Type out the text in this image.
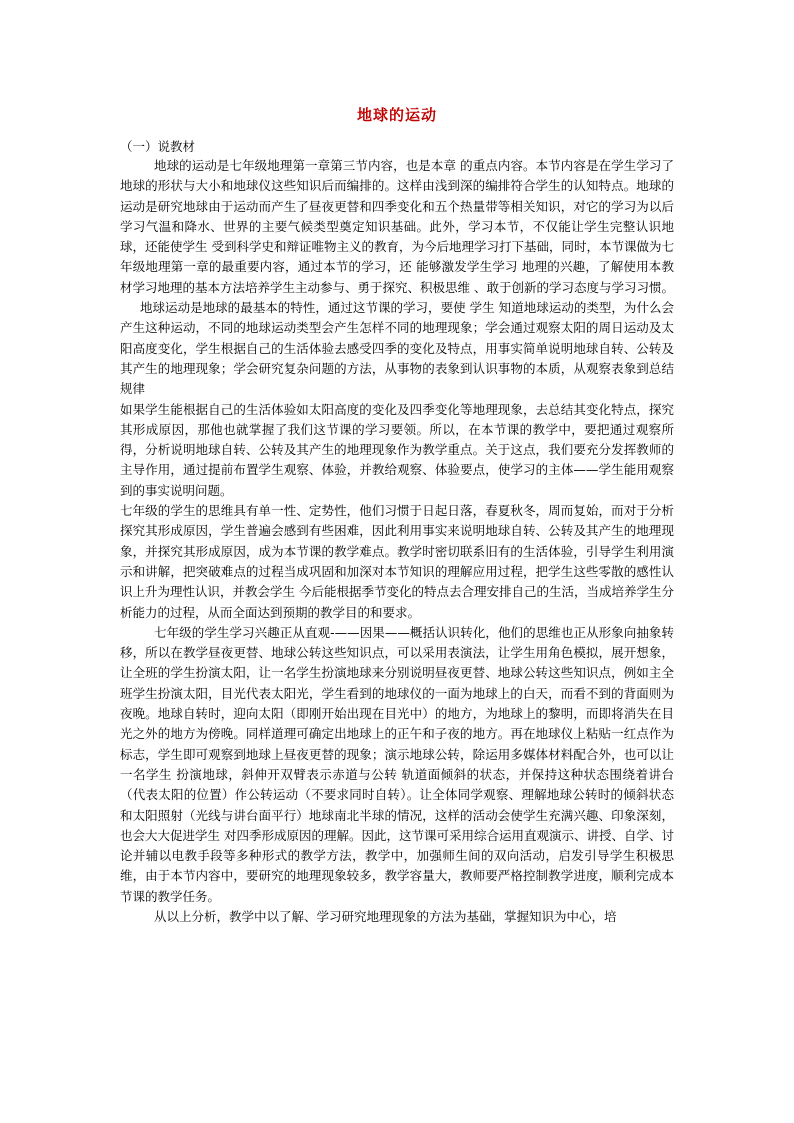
地球的运动
（一）说教材

地球的运动是七年级地理第一章第三节内容，也是本章 的重点内容。本节内容是在学生学习了地球的形状与大小和地球仪这些知识后而编排的。这样由浅到深的编排符合学生的认知特点。地球的运动是研究地球由于运动而产生了昼夜更替和四季变化和五个热量带等相关知识，对它的学习为以后学习气温和降水、世界的主要气候类型奠定知识基础。此外，学习本节，不仅能让学生完整认识地球，还能使学生 受到科学史和辩证唯物主义的教育，为今后地理学习打下基础，同时，本节课做为七年级地理第一章的最重要内容，通过本节的学习，还 能够激发学生学习 地理的兴趣，了解使用本教材学习地理的基本方法培养学生主动参与、勇于探究、积极思维 、敢于创新的学习态度与学习习惯。

地球运动是地球的最基本的特性，通过这节课的学习，要使 学生 知道地球运动的类型，为什么会产生这种运动，不同的地球运动类型会产生怎样不同的地理现象；学会通过观察太阳的周日运动及太阳高度变化，学生根据自己的生活体验去感受四季的变化及特点，用事实简单说明地球自转、公转及其产生的地理现象；学会研究复杂问题的方法，从事物的表象到认识事物的本质，从观察表象到总结规律

如果学生能根据自己的生活体验如太阳高度的变化及四季变化等地理现象，去总结其变化特点，探究其形成原因，那他也就掌握了我们这节课的学习要领。所以，在本节课的教学中，要把通过观察所得，分析说明地球自转、公转及其产生的地理现象作为教学重点。关于这点，我们要充分发挥教师的主导作用，通过提前布置学生观察、体验，并教给观察、体验要点，使学习的主体——学生能用观察到的事实说明问题。

七年级的学生的思维具有单一性、定势性，他们习惯于日起日落，春夏秋冬，周而复始，而对于分析探究其形成原因，学生普遍会感到有些困难，因此利用事实来说明地球自转、公转及其产生的地理现象，并探究其形成原因，成为本节课的教学难点。教学时密切联系旧有的生活体验，引导学生利用演示和讲解，把突破难点的过程当成巩固和加深对本节知识的理解应用过程，把学生这些零散的感性认识上升为理性认识，并教会学生 今后能根据季节变化的特点去合理安排自己的生活，当成培养学生分析能力的过程，从而全面达到预期的教学目的和要求。

七年级的学生学习兴趣正从直观-——因果——概括认识转化，他们的思维也正从形象向抽象转移，所以在教学昼夜更替、地球公转这些知识点，可以采用表演法，让学生用角色模拟，展开想象，让全班的学生扮演太阳，让一名学生扮演地球来分别说明昼夜更替、地球公转这些知识点，例如主全班学生扮演太阳，目光代表太阳光，学生看到的地球仪的一面为地球上的白天，而看不到的背面则为夜晚。地球自转时，迎向太阳（即刚开始出现在目光中）的地方，为地球上的黎明，而即将消失在目光之外的地方为傍晚。同样道理可确定出地球上的正午和子夜的地方。再在地球仪上粘贴一红点作为标志，学生即可观察到地球上昼夜更替的现象；演示地球公转，除运用多媒体材料配合外，也可以让一名学生 扮演地球，斜伸开双臂表示赤道与公转 轨道面倾斜的状态，并保持这种状态围绕着讲台（代表太阳的位置）作公转运动（不要求同时自转）。让全体同学观察、理解地球公转时的倾斜状态和太阳照射（光线与讲台面平行）地球南北半球的情况，这样的活动会使学生充满兴趣、印象深刻，也会大大促进学生 对四季形成原因的理解。因此，这节课可采用综合运用直观演示、讲授、自学、讨论并辅以电教手段等多种形式的教学方法，教学中，加强师生间的双向活动，启发引导学生积极思维，由于本节内容中，要研究的地理现象较多，教学容量大，教师要严格控制教学进度，顺利完成本节课的教学任务。

从以上分析，教学中以了解、学习研究地理现象的方法为基础，掌握知识为中心，培
